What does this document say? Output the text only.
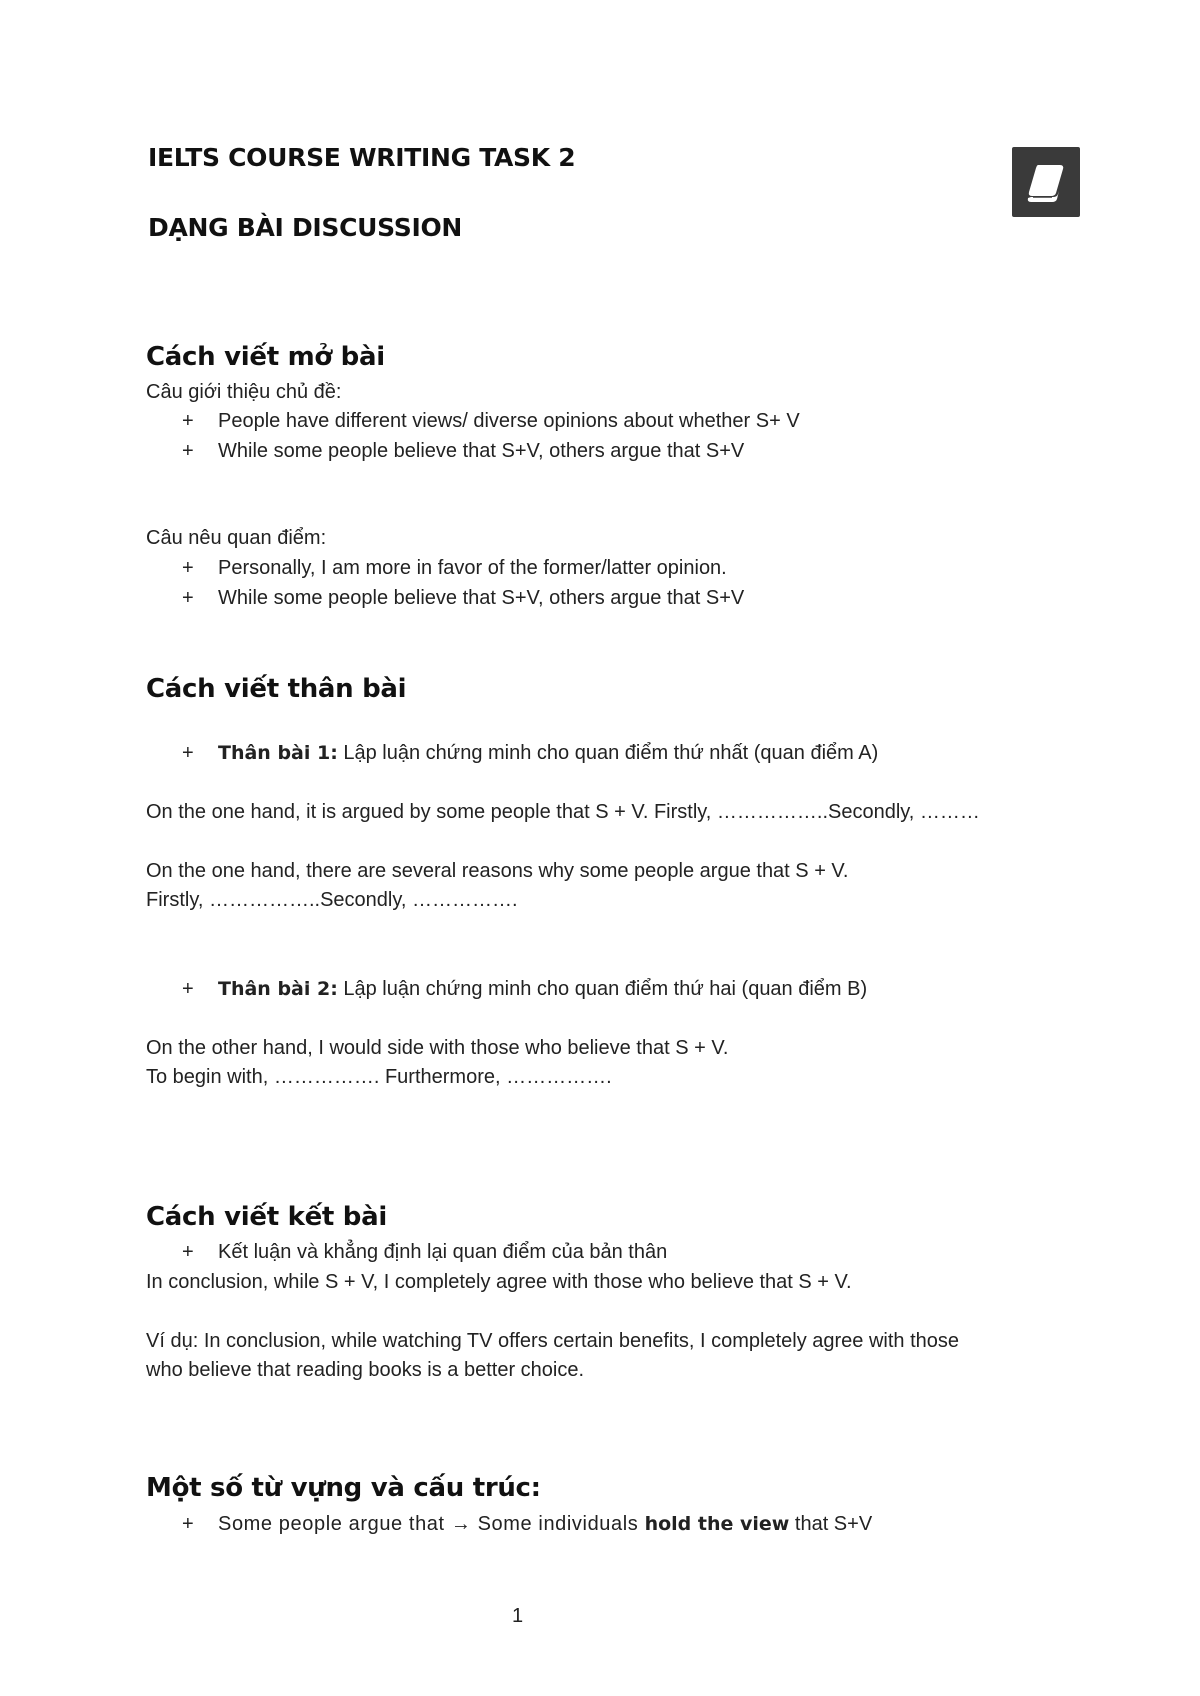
IELTS COURSE WRITING TASK 2
DẠNG BÀI DISCUSSION
Cách viết mở bài
Câu giới thiệu chủ đề:
+ People have different views/ diverse opinions about whether S+ V
+ While some people believe that S+V, others argue that S+V
Câu nêu quan điểm:
+ Personally, I am more in favor of the former/latter opinion.
+ While some people believe that S+V, others argue that S+V
Cách viết thân bài
+ Thân bài 1: Lập luận chứng minh cho quan điểm thứ nhất (quan điểm A)
On the one hand, it is argued by some people that S + V. Firstly, ……………..Secondly, ………
On the one hand, there are several reasons why some people argue that S + V.
Firstly, ……………..Secondly, …………….
+ Thân bài 2: Lập luận chứng minh cho quan điểm thứ hai (quan điểm B)
On the other hand, I would side with those who believe that S + V.
To begin with, ……………. Furthermore, …………….
Cách viết kết bài
+ Kết luận và khẳng định lại quan điểm của bản thân
In conclusion, while S + V, I completely agree with those who believe that S + V.
Ví dụ: In conclusion, while watching TV offers certain benefits, I completely agree with those
who believe that reading books is a better choice.
Một số từ vựng và cấu trúc:
+ Some people argue that → Some individuals hold the view that S+V
1
